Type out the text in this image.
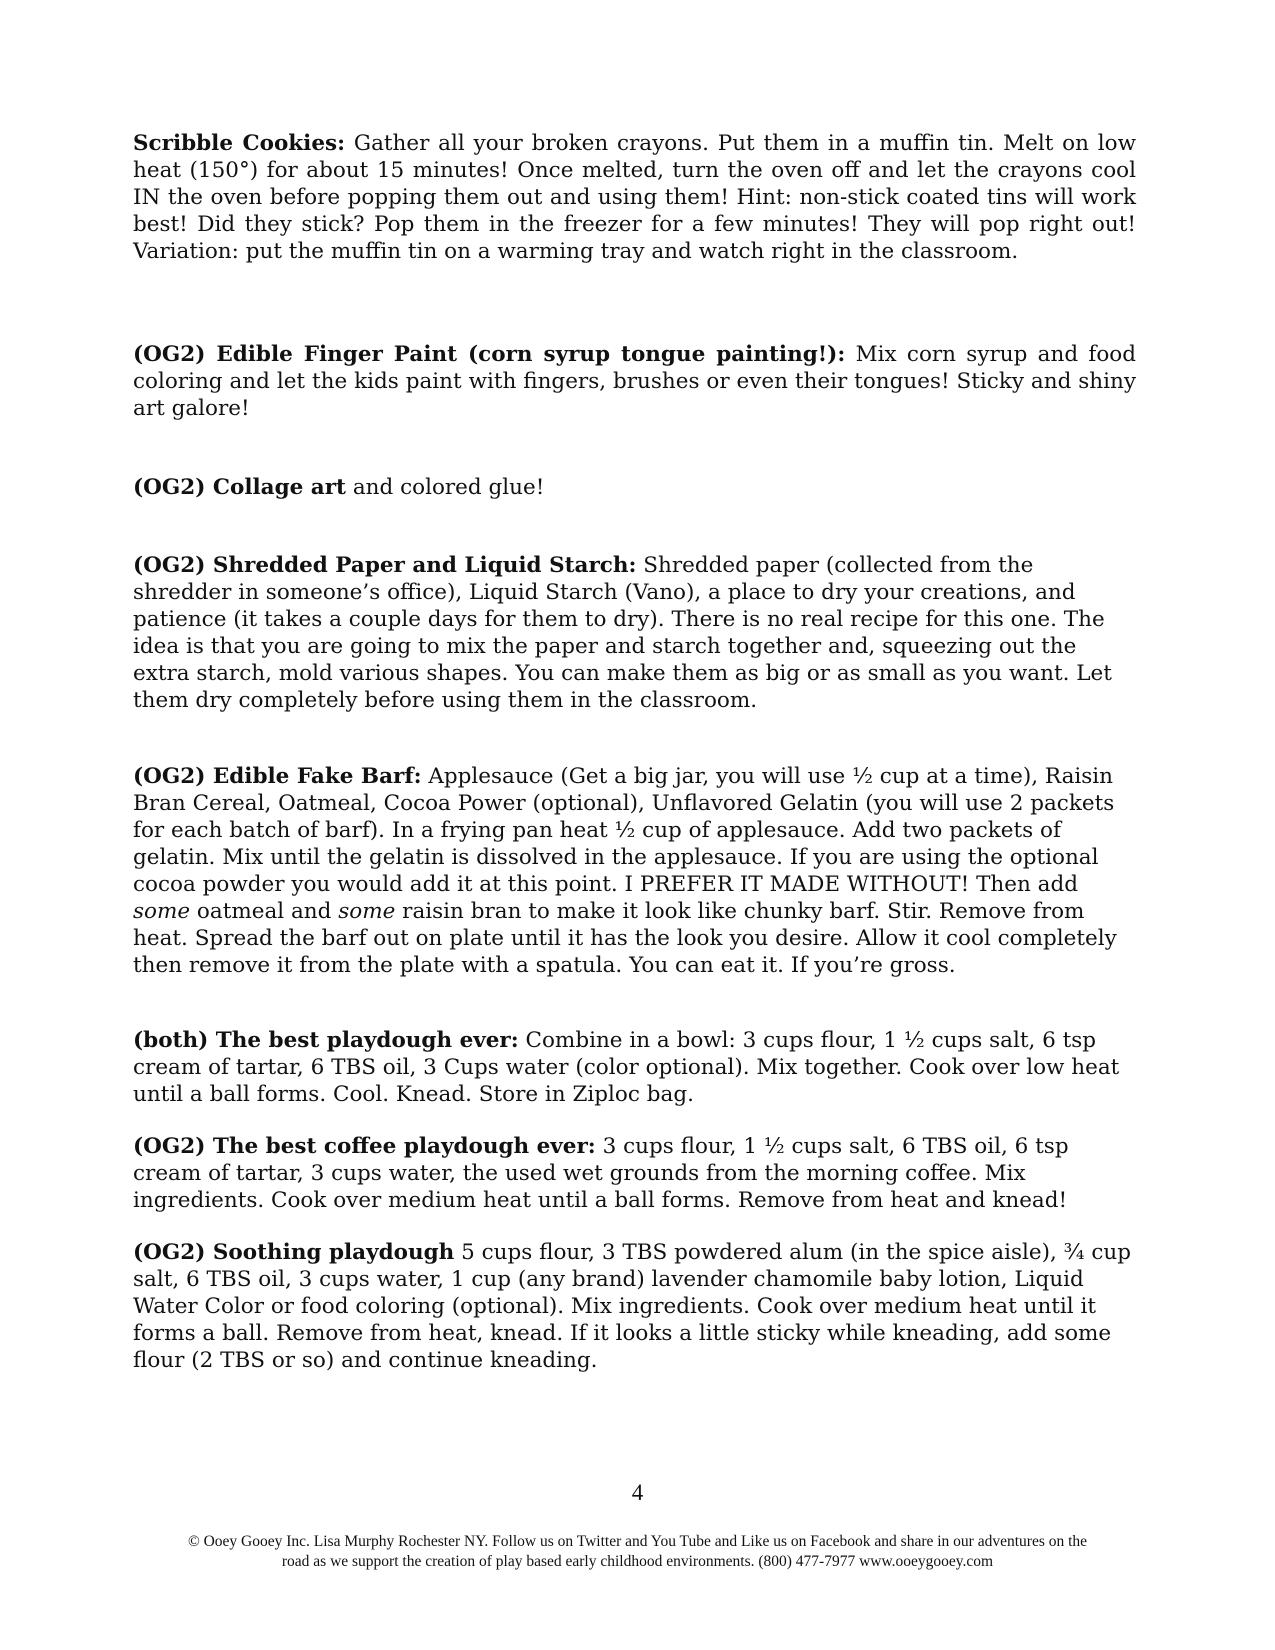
Scribble Cookies: Gather all your broken crayons. Put them in a muffin tin. Melt on low heat (150°) for about 15 minutes! Once melted, turn the oven off and let the crayons cool IN the oven before popping them out and using them! Hint: non-stick coated tins will work best! Did they stick? Pop them in the freezer for a few minutes! They will pop right out! Variation: put the muffin tin on a warming tray and watch right in the classroom.

(OG2) Edible Finger Paint (corn syrup tongue painting!): Mix corn syrup and food coloring and let the kids paint with fingers, brushes or even their tongues! Sticky and shiny art galore!

(OG2) Collage art and colored glue!

(OG2) Shredded Paper and Liquid Starch: Shredded paper (collected from the shredder in someone’s office), Liquid Starch (Vano), a place to dry your creations, and patience (it takes a couple days for them to dry). There is no real recipe for this one. The idea is that you are going to mix the paper and starch together and, squeezing out the extra starch, mold various shapes. You can make them as big or as small as you want. Let them dry completely before using them in the classroom.

(OG2) Edible Fake Barf: Applesauce (Get a big jar, you will use ½ cup at a time), Raisin Bran Cereal, Oatmeal, Cocoa Power (optional), Unflavored Gelatin (you will use 2 packets for each batch of barf). In a frying pan heat ½ cup of applesauce. Add two packets of gelatin. Mix until the gelatin is dissolved in the applesauce. If you are using the optional cocoa powder you would add it at this point. I PREFER IT MADE WITHOUT! Then add some oatmeal and some raisin bran to make it look like chunky barf. Stir. Remove from heat. Spread the barf out on plate until it has the look you desire. Allow it cool completely then remove it from the plate with a spatula. You can eat it. If you’re gross.

(both) The best playdough ever: Combine in a bowl: 3 cups flour, 1 ½ cups salt, 6 tsp cream of tartar, 6 TBS oil, 3 Cups water (color optional). Mix together. Cook over low heat until a ball forms. Cool. Knead. Store in Ziploc bag.

(OG2) The best coffee playdough ever: 3 cups flour, 1 ½ cups salt, 6 TBS oil, 6 tsp cream of tartar, 3 cups water, the used wet grounds from the morning coffee. Mix ingredients. Cook over medium heat until a ball forms. Remove from heat and knead!

(OG2) Soothing playdough 5 cups flour, 3 TBS powdered alum (in the spice aisle), ¾ cup salt, 6 TBS oil, 3 cups water, 1 cup (any brand) lavender chamomile baby lotion, Liquid Water Color or food coloring (optional). Mix ingredients. Cook over medium heat until it forms a ball. Remove from heat, knead. If it looks a little sticky while kneading, add some flour (2 TBS or so) and continue kneading.

4
© Ooey Gooey Inc. Lisa Murphy Rochester NY. Follow us on Twitter and You Tube and Like us on Facebook and share in our adventures on the
road as we support the creation of play based early childhood environments. (800) 477-7977 www.ooeygooey.com
